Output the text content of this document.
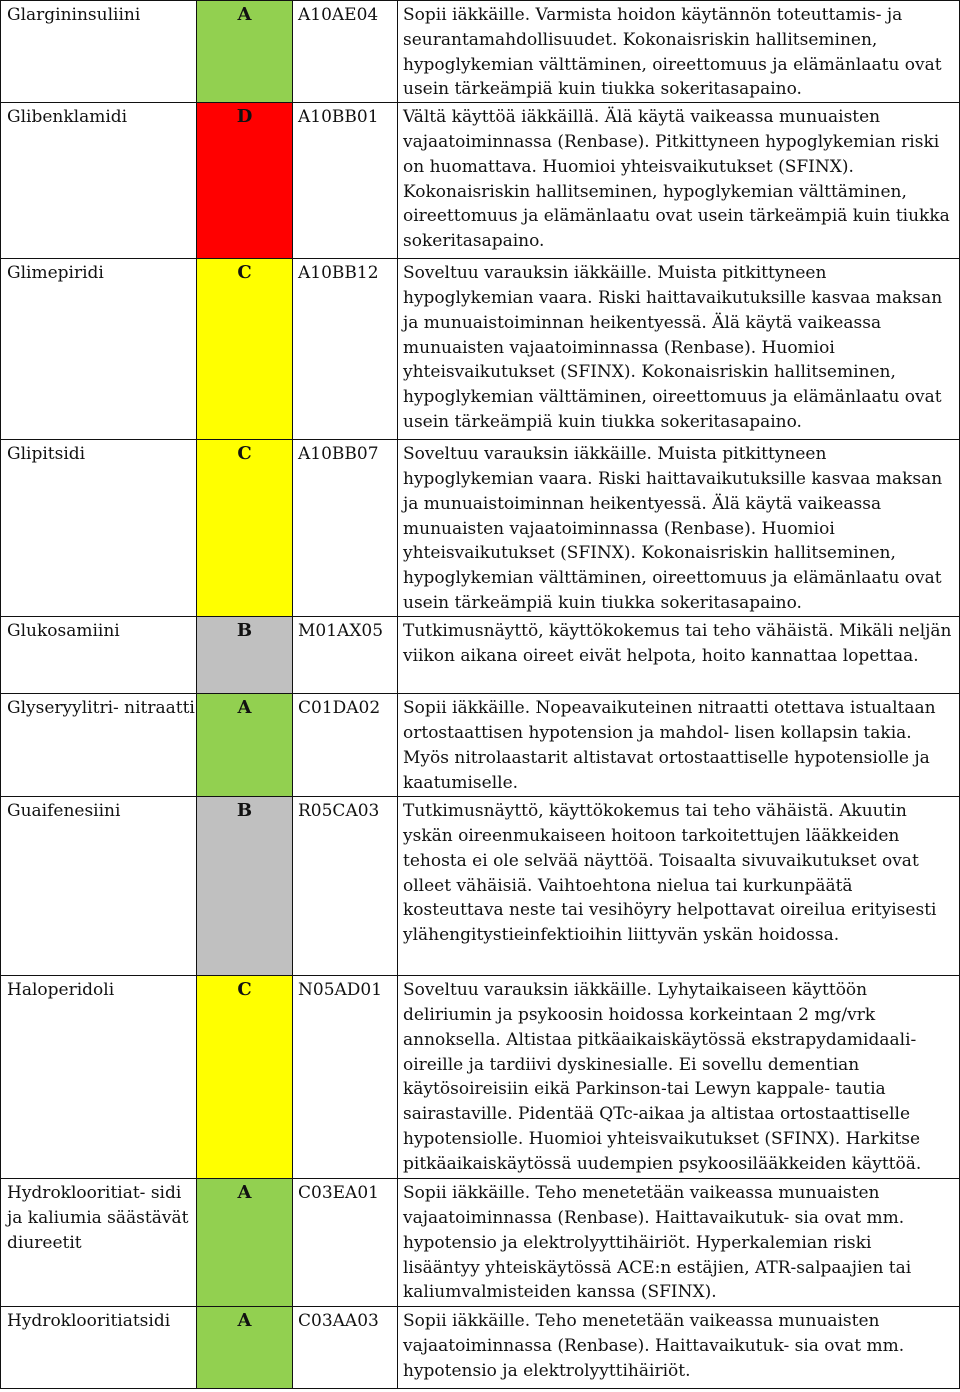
Glargininsuliini	A	A10AE04	Sopii iäkkäille. Varmista hoidon käytännön toteuttamis- ja seurantamahdollisuudet. Kokonaisriskin hallitseminen, hypoglykemian välttäminen, oireettomuus ja elämänlaatu ovat usein tärkeämpiä kuin tiukka sokeritasapaino.
Glibenklamidi	D	A10BB01	Vältä käyttöä iäkkäillä. Älä käytä vaikeassa munuaisten vajaatoiminnassa (Renbase). Pitkittyneen hypoglykemian riski on huomattava. Huomioi yhteisvaikutukset (SFINX). Kokonaisriskin hallitseminen, hypoglykemian välttäminen, oireettomuus ja elämänlaatu ovat usein tärkeämpiä kuin tiukka sokeritasapaino.
Glimepiridi	C	A10BB12	Soveltuu varauksin iäkkäille. Muista pitkittyneen hypoglykemian vaara. Riski haittavaikutuksille kasvaa maksan ja munuaistoiminnan heikentyessä. Älä käytä vaikeassa munuaisten vajaatoiminnassa (Renbase). Huomioi yhteisvaikutukset (SFINX). Kokonaisriskin hallitseminen, hypoglykemian välttäminen, oireettomuus ja elämänlaatu ovat usein tärkeämpiä kuin tiukka sokeritasapaino.
Glipitsidi	C	A10BB07	Soveltuu varauksin iäkkäille. Muista pitkittyneen hypoglykemian vaara. Riski haittavaikutuksille kasvaa maksan ja munuaistoiminnan heikentyessä. Älä käytä vaikeassa munuaisten vajaatoiminnassa (Renbase). Huomioi yhteisvaikutukset (SFINX). Kokonaisriskin hallitseminen, hypoglykemian välttäminen, oireettomuus ja elämänlaatu ovat usein tärkeämpiä kuin tiukka sokeritasapaino.
Glukosamiini	B	M01AX05	Tutkimusnäyttö, käyttökokemus tai teho vähäistä. Mikäli neljän viikon aikana oireet eivät helpota, hoito kannattaa lopettaa.
Glyseryylitri- nitraatti	A	C01DA02	Sopii iäkkäille. Nopeavaikuteinen nitraatti otettava istualtaan ortostaattisen hypotension ja mahdol- lisen kollapsin takia. Myös nitrolaastarit altistavat ortostaattiselle hypotensiolle ja kaatumiselle.
Guaifenesiini	B	R05CA03	Tutkimusnäyttö, käyttökokemus tai teho vähäistä. Akuutin yskän oireenmukaiseen hoitoon tarkoitettujen lääkkeiden tehosta ei ole selvää näyttöä. Toisaalta sivuvaikutukset ovat olleet vähäisiä. Vaihtoehtona nielua tai kurkunpäätä kosteuttava neste tai vesihöyry helpottavat oireilua erityisesti ylähengitystieinfektioihin liittyvän yskän hoidossa.
Haloperidoli	C	N05AD01	Soveltuu varauksin iäkkäille. Lyhytaikaiseen käyttöön deliriumin ja psykoosin hoidossa korkeintaan 2 mg/vrk annoksella. Altistaa pitkäaikaiskäytössä ekstrapydamidaali-oireille ja tardiivi dyskinesialle. Ei sovellu dementian käytösoireisiin eikä Parkinson-tai Lewyn kappale- tautia sairastaville. Pidentää QTc-aikaa ja altistaa ortostaattiselle hypotensiolle. Huomioi yhteisvaikutukset (SFINX). Harkitse pitkäaikaiskäytössä uudempien psykoosilääkkeiden käyttöä.
Hydroklooritiat- sidi ja kaliumia säästävät diureetit	A	C03EA01	Sopii iäkkäille. Teho menetetään vaikeassa munuaisten vajaatoiminnassa (Renbase). Haittavaikutuk- sia ovat mm. hypotensio ja elektrolyyttihäiriöt. Hyperkalemian riski lisääntyy yhteiskäytössä ACE:n estäjien, ATR-salpaajien tai kaliumvalmisteiden kanssa (SFINX).
Hydroklooritiatsidi	A	C03AA03	Sopii iäkkäille. Teho menetetään vaikeassa munuaisten vajaatoiminnassa (Renbase). Haittavaikutuk- sia ovat mm. hypotensio ja elektrolyyttihäiriöt.
